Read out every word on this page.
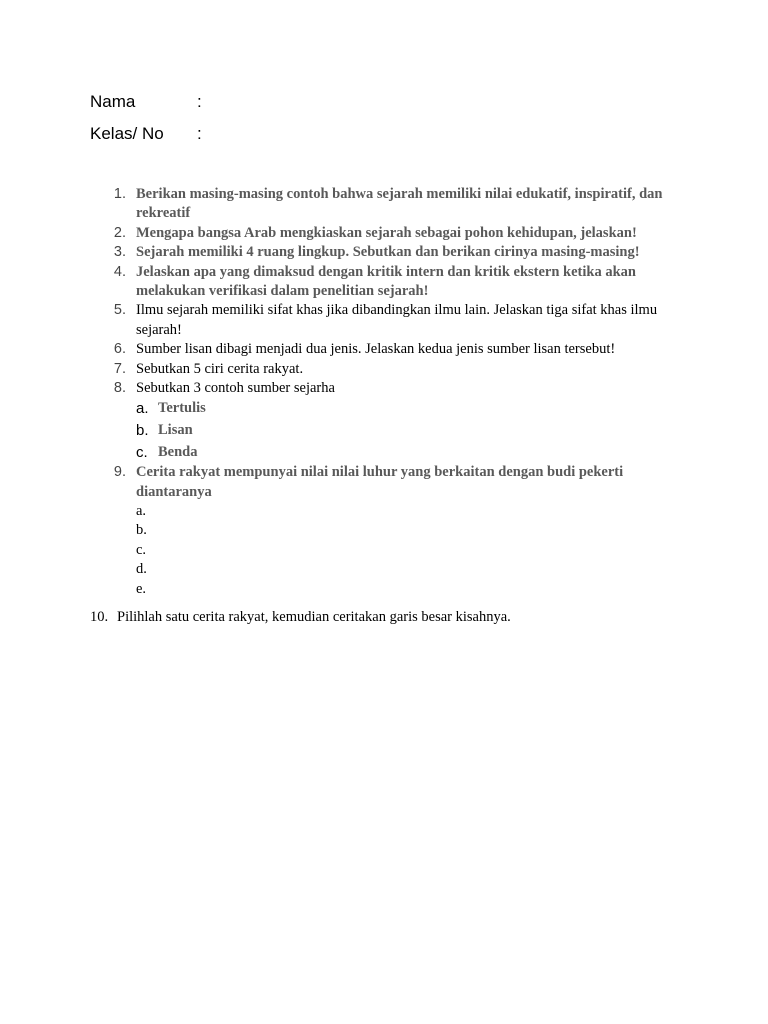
Nama	:
Kelas/ No :
1. Berikan masing-masing contoh bahwa sejarah memiliki nilai edukatif, inspiratif, dan rekreatif
2. Mengapa bangsa Arab mengkiaskan sejarah sebagai pohon kehidupan, jelaskan!
3. Sejarah memiliki 4 ruang lingkup. Sebutkan dan berikan cirinya masing-masing!
4. Jelaskan apa yang dimaksud dengan kritik intern dan kritik ekstern ketika akan melakukan verifikasi dalam penelitian sejarah!
5. Ilmu sejarah memiliki sifat khas jika dibandingkan ilmu lain. Jelaskan tiga sifat khas ilmu sejarah!
6. Sumber lisan dibagi menjadi dua jenis. Jelaskan kedua jenis sumber lisan tersebut!
7. Sebutkan 5 ciri cerita rakyat.
8. Sebutkan 3 contoh sumber sejarha
a. Tertulis
b. Lisan
c. Benda
9. Cerita rakyat mempunyai nilai nilai luhur yang berkaitan dengan budi pekerti diantaranya
a.
b.
c.
d.
e.
10. Pilihlah satu cerita rakyat, kemudian ceritakan garis besar kisahnya.
